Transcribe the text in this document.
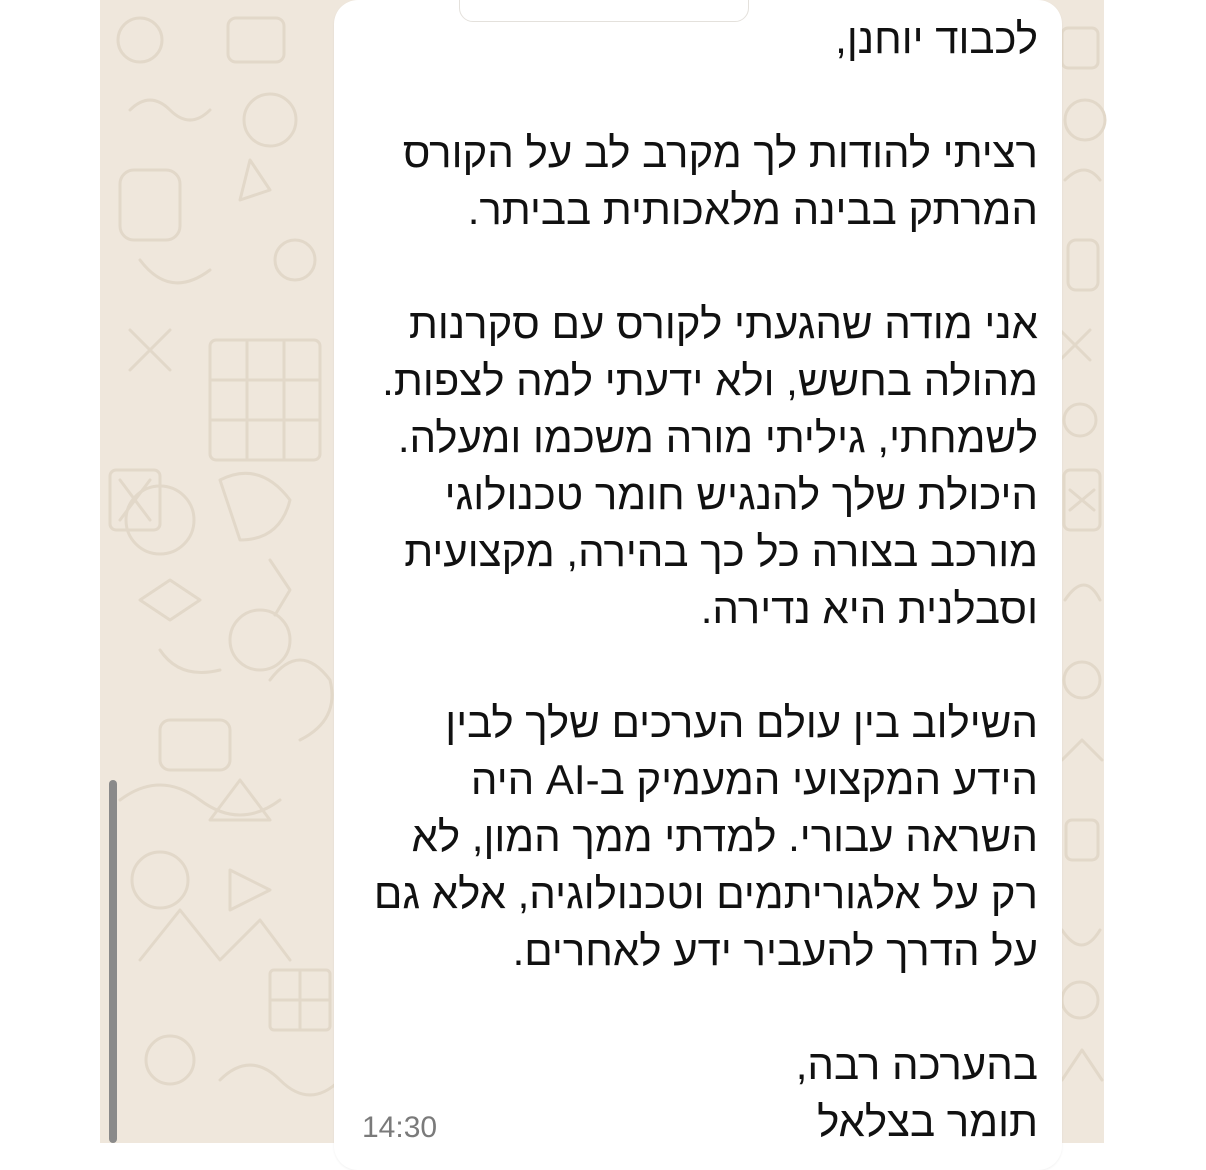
לכבוד יוחנן,
רציתי להודות לך מקרב לב על הקורס
המרתק בבינה מלאכותית בביתר.
אני מודה שהגעתי לקורס עם סקרנות
מהולה בחשש, ולא ידעתי למה לצפות.
לשמחתי, גיליתי מורה משכמו ומעלה.
היכולת שלך להנגיש חומר טכנולוגי
מורכב בצורה כל כך בהירה, מקצועית
וסבלנית היא נדירה.
השילוב בין עולם הערכים שלך לבין
הידע המקצועי המעמיק ב-AI היה
השראה עבורי. למדתי ממך המון, לא
רק על אלגוריתמים וטכנולוגיה, אלא גם
על הדרך להעביר ידע לאחרים.
בהערכה רבה,
תומר בצלאל
14:30
